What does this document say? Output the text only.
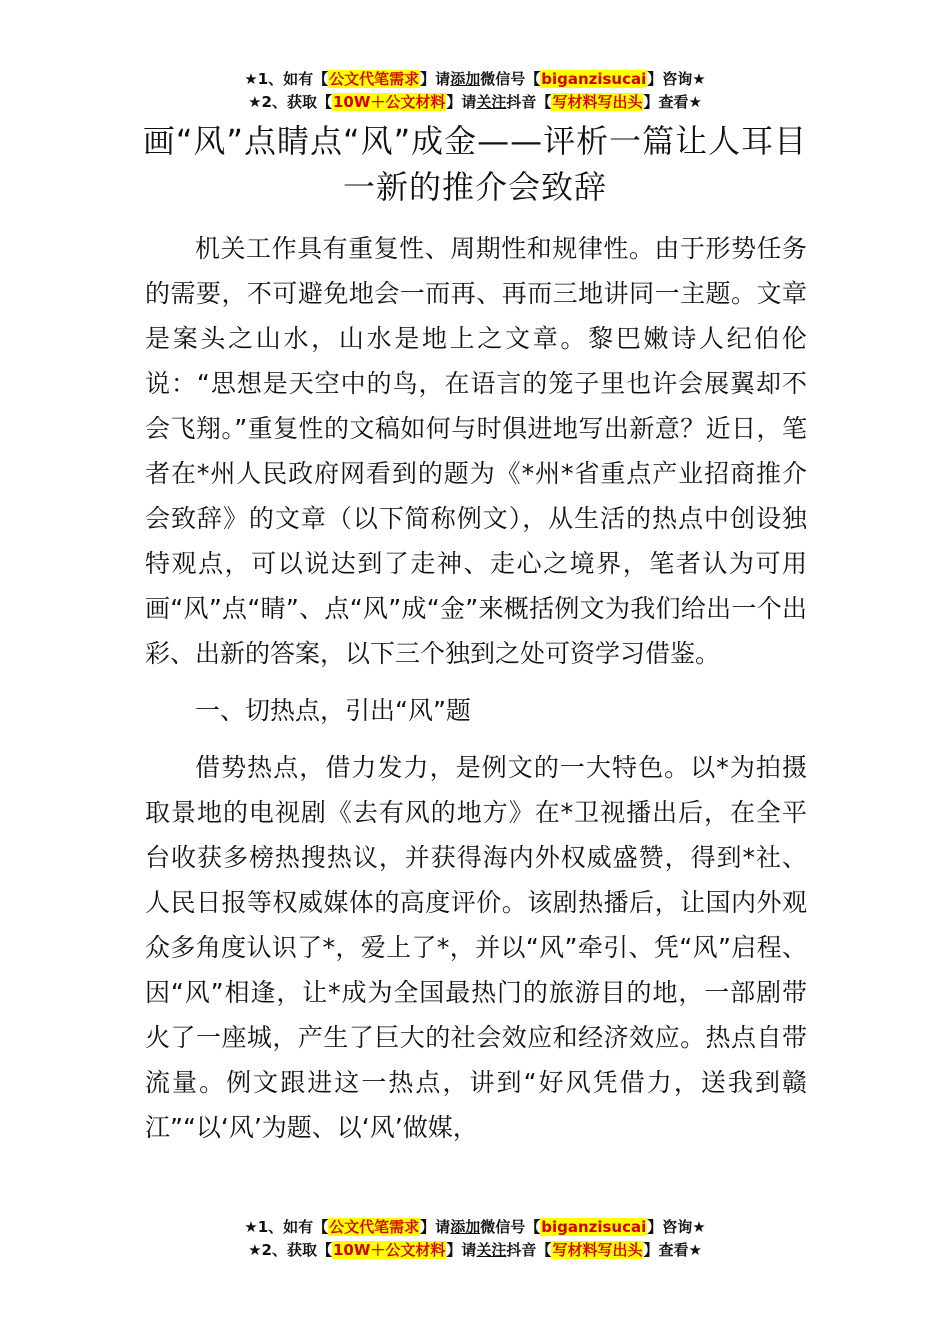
★1、如有【公文代笔需求】请添加微信号【biganzisucai】咨询★
★2、获取【10W＋公文材料】请关注抖音【写材料写出头】查看★
画“风”点睛点“风”成金——评析一篇让人耳目一新的推介会致辞

机关工作具有重复性、周期性和规律性。由于形势任务的需要，不可避免地会一而再、再而三地讲同一主题。文章是案头之山水，山水是地上之文章。黎巴嫩诗人纪伯伦说：“思想是天空中的鸟，在语言的笼子里也许会展翼却不会飞翔。”重复性的文稿如何与时俱进地写出新意？近日，笔者在*州人民政府网看到的题为《*州*省重点产业招商推介会致辞》的文章（以下简称例文），从生活的热点中创设独特观点，可以说达到了走神、走心之境界，笔者认为可用画“风”点“睛”、点“风”成“金”来概括例文为我们给出一个出彩、出新的答案，以下三个独到之处可资学习借鉴。

一、切热点，引出“风”题

借势热点，借力发力，是例文的一大特色。以*为拍摄取景地的电视剧《去有风的地方》在*卫视播出后，在全平台收获多榜热搜热议，并获得海内外权威盛赞，得到*社、人民日报等权威媒体的高度评价。该剧热播后，让国内外观众多角度认识了*，爱上了*，并以“风”牵引、凭“风”启程、因“风”相逢，让*成为全国最热门的旅游目的地，一部剧带火了一座城，产生了巨大的社会效应和经济效应。热点自带流量。例文跟进这一热点，讲到“好风凭借力，送我到赣江”“以‘风’为题、以‘风’做媒，

★1、如有【公文代笔需求】请添加微信号【biganzisucai】咨询★
★2、获取【10W＋公文材料】请关注抖音【写材料写出头】查看★
